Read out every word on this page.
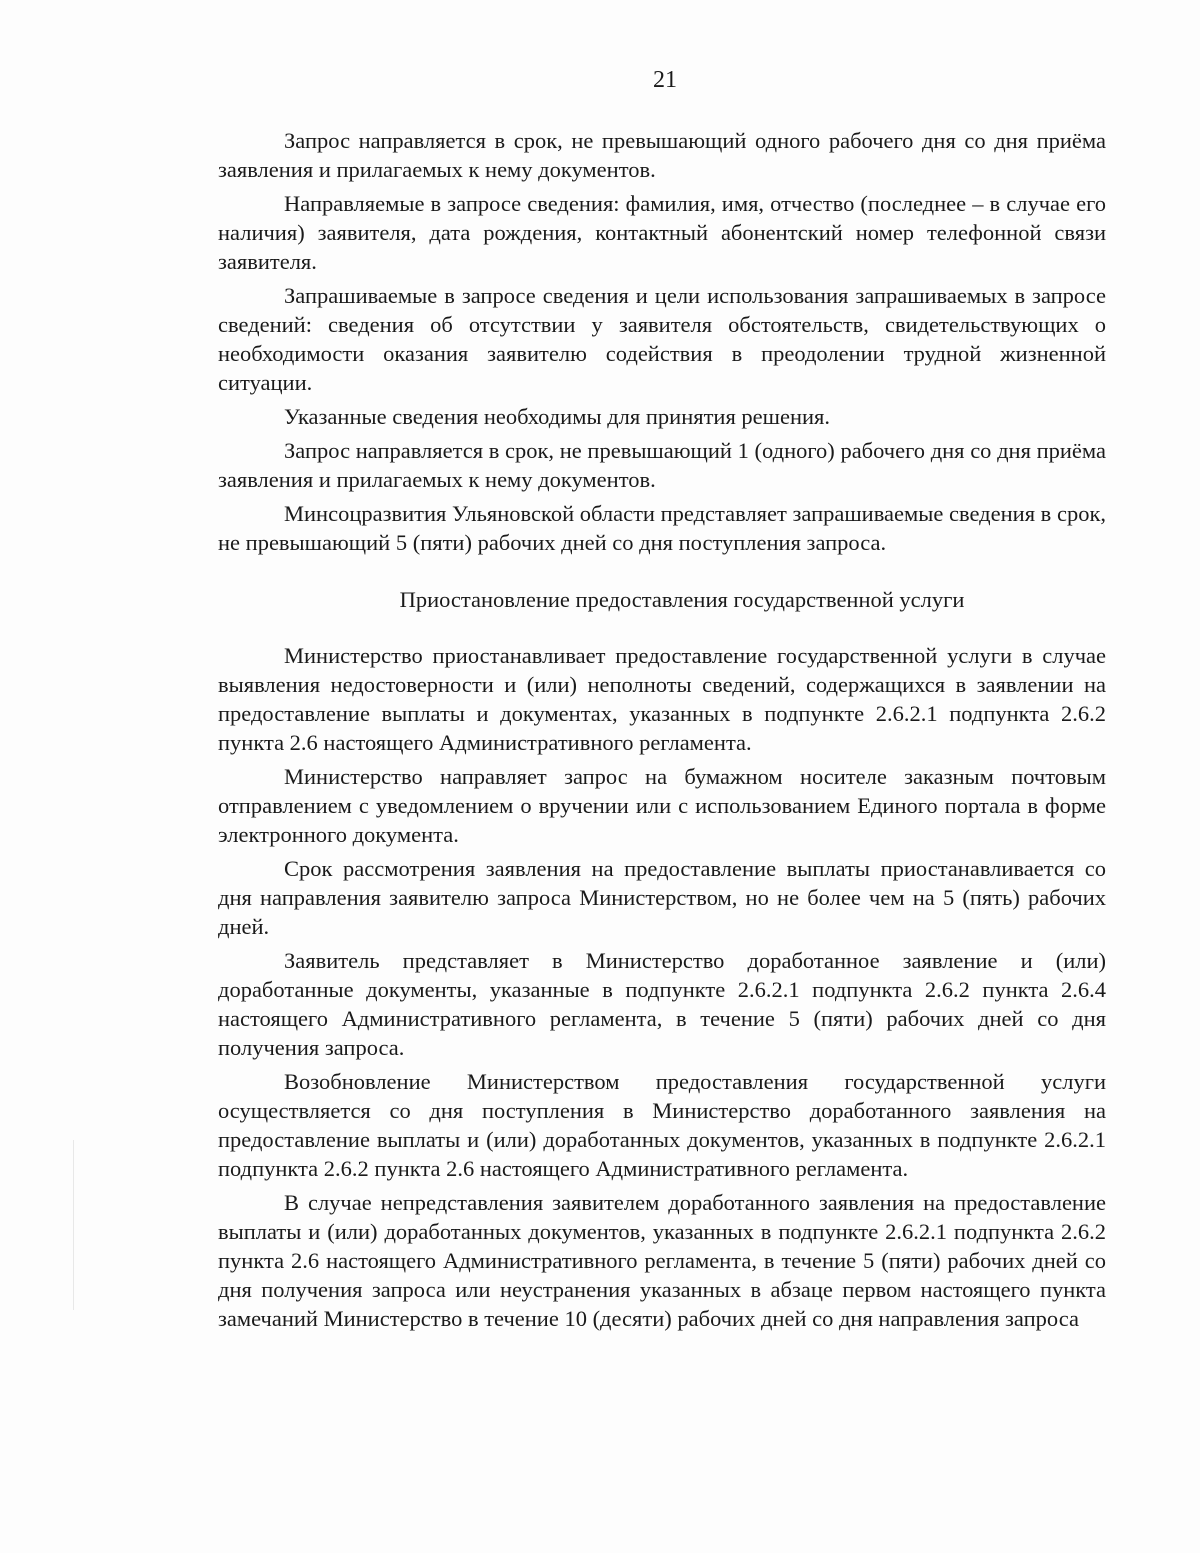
21

Запрос направляется в срок, не превышающий одного рабочего дня со дня приёма заявления и прилагаемых к нему документов.

Направляемые в запросе сведения: фамилия, имя, отчество (последнее – в случае его наличия) заявителя, дата рождения, контактный абонентский номер телефонной связи заявителя.

Запрашиваемые в запросе сведения и цели использования запрашиваемых в запросе сведений: сведения об отсутствии у заявителя обстоятельств, свидетельствующих о необходимости оказания заявителю содействия в преодолении трудной жизненной ситуации.

Указанные сведения необходимы для принятия решения.

Запрос направляется в срок, не превышающий 1 (одного) рабочего дня со дня приёма заявления и прилагаемых к нему документов.

Минсоцразвития Ульяновской области представляет запрашиваемые сведения в срок, не превышающий 5 (пяти) рабочих дней со дня поступления запроса.

Приостановление предоставления государственной услуги

Министерство приостанавливает предоставление государственной услуги в случае выявления недостоверности и (или) неполноты сведений, содержащихся в заявлении на предоставление выплаты и документах, указанных в подпункте 2.6.2.1 подпункта 2.6.2 пункта 2.6 настоящего Административного регламента.

Министерство направляет запрос на бумажном носителе заказным почтовым отправлением с уведомлением о вручении или с использованием Единого портала в форме электронного документа.

Срок рассмотрения заявления на предоставление выплаты приостанавливается со дня направления заявителю запроса Министерством, но не более чем на 5 (пять) рабочих дней.

Заявитель представляет в Министерство доработанное заявление и (или) доработанные документы, указанные в подпункте 2.6.2.1 подпункта 2.6.2 пункта 2.6.4 настоящего Административного регламента, в течение 5 (пяти) рабочих дней со дня получения запроса.

Возобновление Министерством предоставления государственной услуги осуществляется со дня поступления в Министерство доработанного заявления на предоставление выплаты и (или) доработанных документов, указанных в подпункте 2.6.2.1 подпункта 2.6.2 пункта 2.6 настоящего Административного регламента.

В случае непредставления заявителем доработанного заявления на предоставление выплаты и (или) доработанных документов, указанных в подпункте 2.6.2.1 подпункта 2.6.2 пункта 2.6 настоящего Административного регламента, в течение 5 (пяти) рабочих дней со дня получения запроса или неустранения указанных в абзаце первом настоящего пункта замечаний Министерство в течение 10 (десяти) рабочих дней со дня направления запроса
